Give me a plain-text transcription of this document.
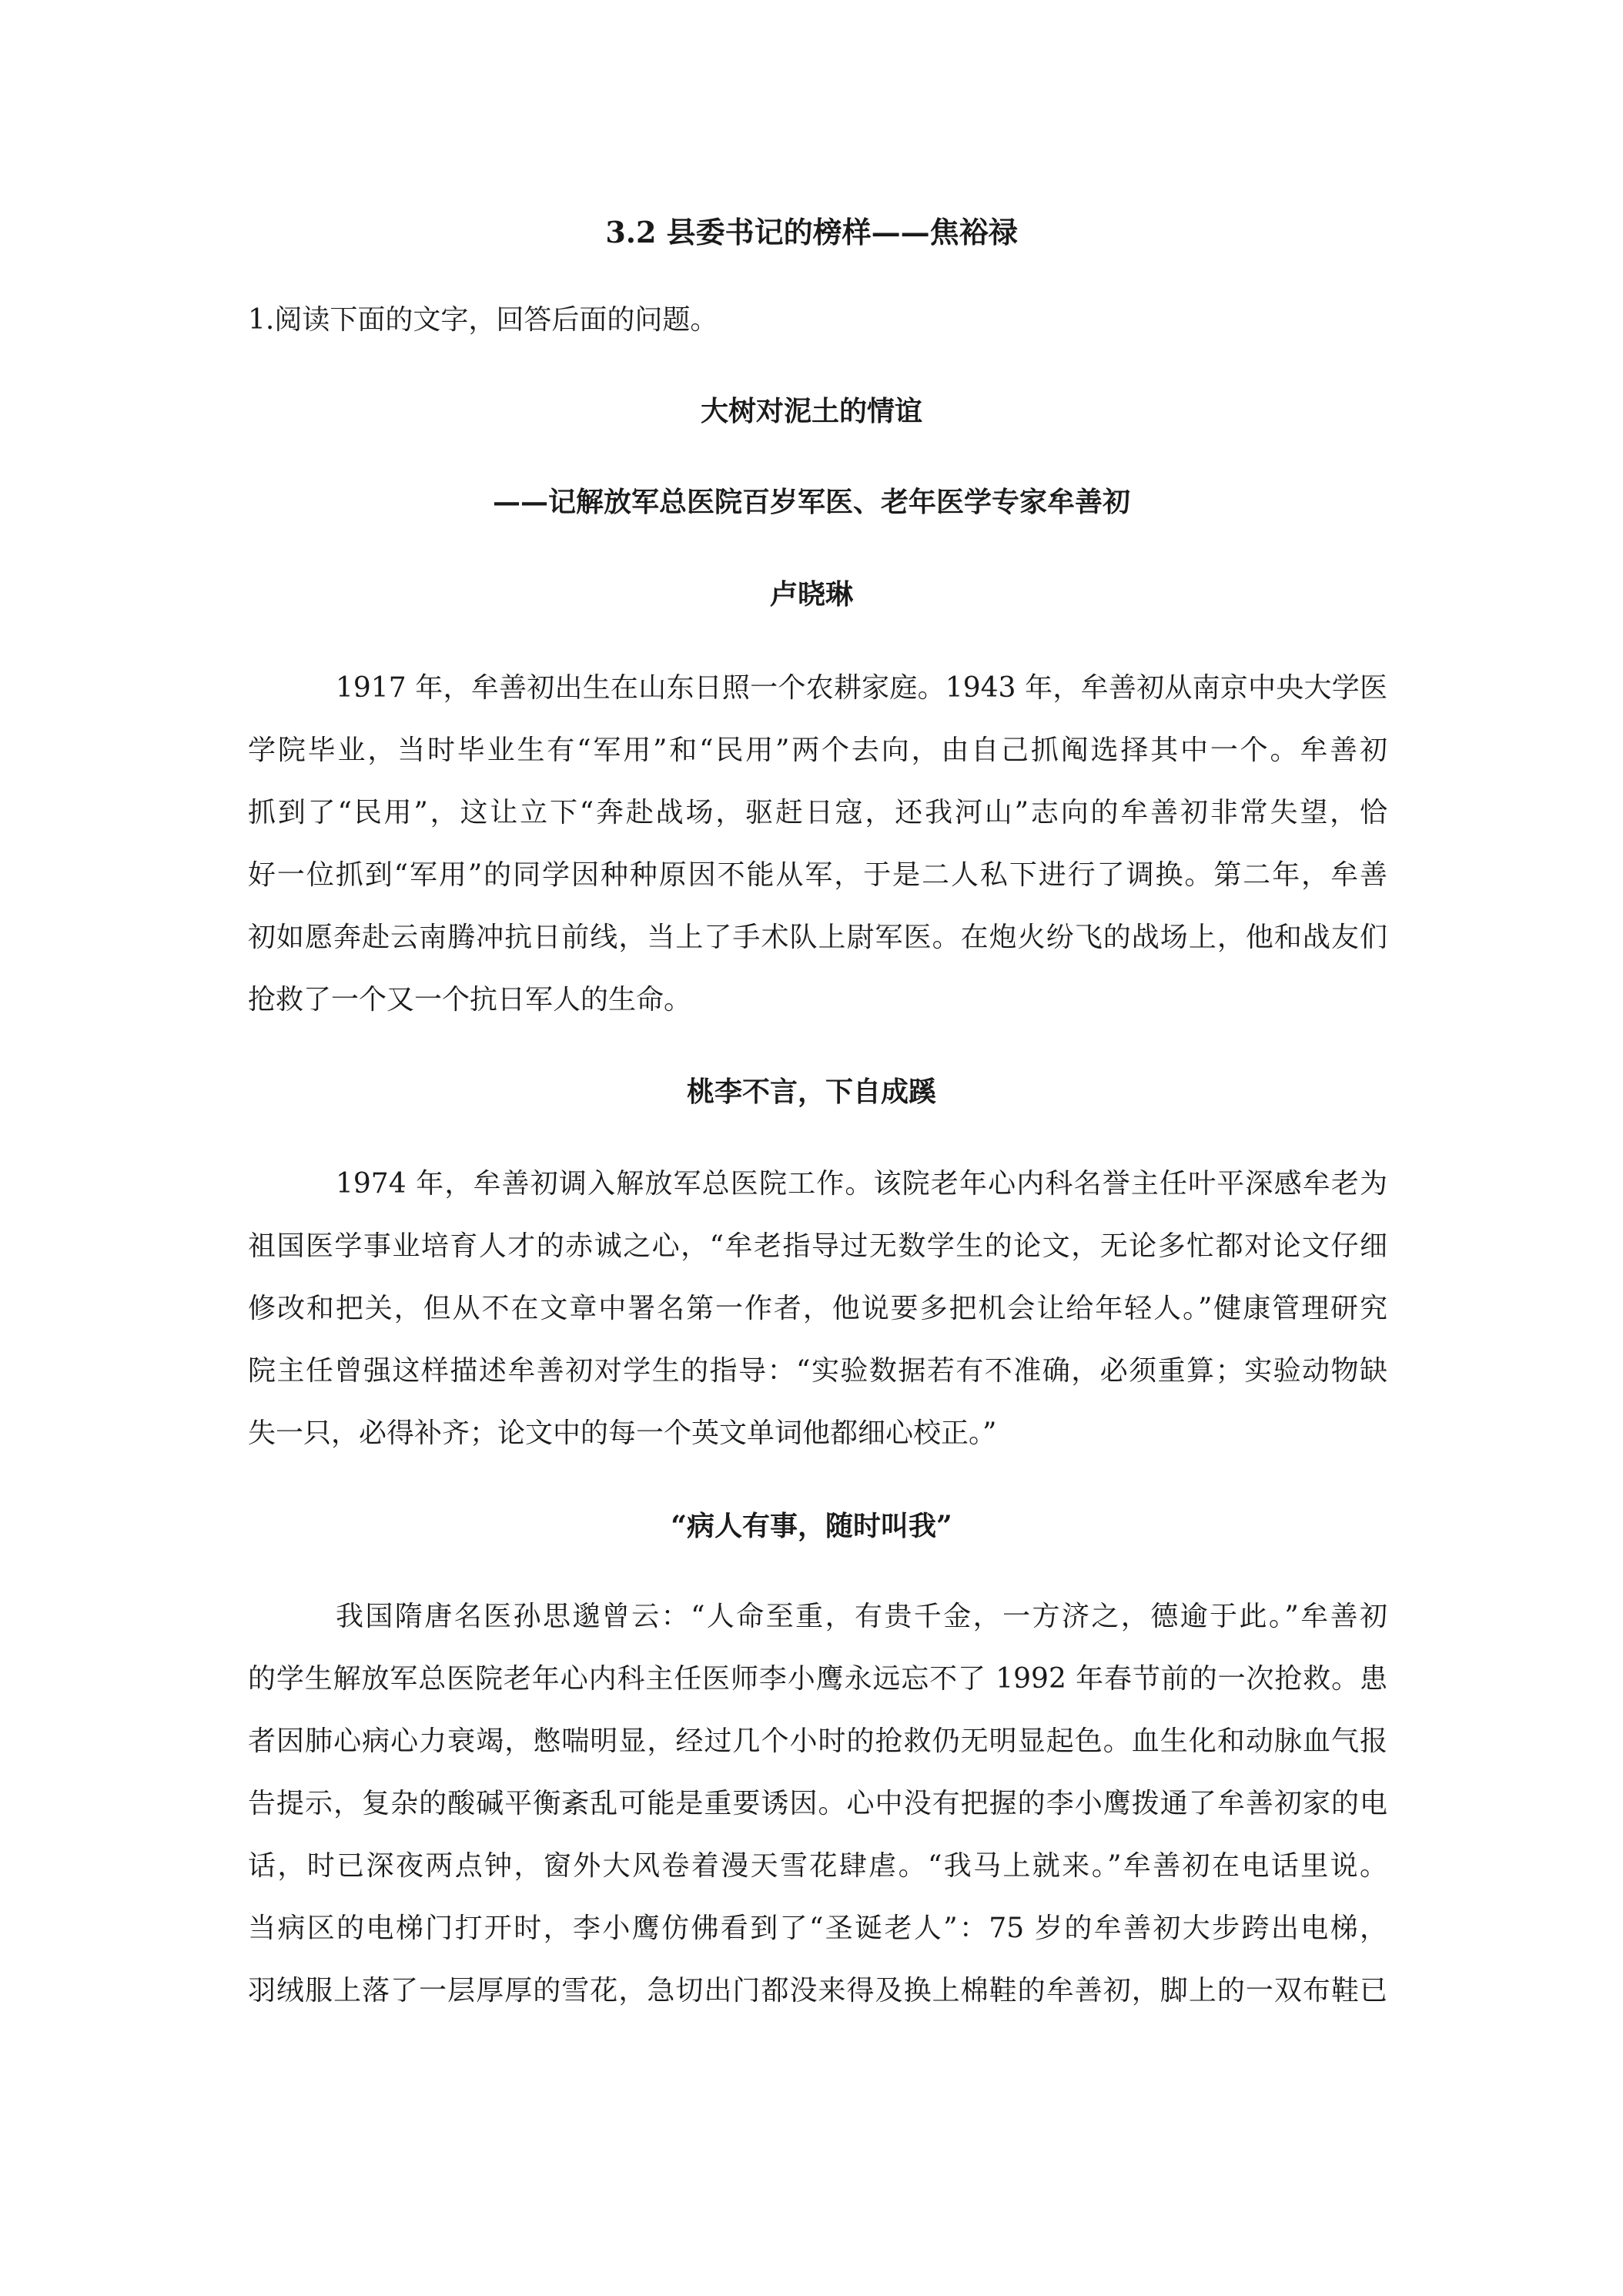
3.2 县委书记的榜样——焦裕禄
1.阅读下面的文字，回答后面的问题。
大树对泥土的情谊
——记解放军总医院百岁军医、老年医学专家牟善初
卢晓琳
1917 年，牟善初出生在山东日照一个农耕家庭。1943 年，牟善初从南京中央大学医
学院毕业，当时毕业生有“军用”和“民用”两个去向，由自己抓阄选择其中一个。牟善初
抓到了“民用”，这让立下“奔赴战场，驱赶日寇，还我河山”志向的牟善初非常失望，恰
好一位抓到“军用”的同学因种种原因不能从军，于是二人私下进行了调换。第二年，牟善
初如愿奔赴云南腾冲抗日前线，当上了手术队上尉军医。在炮火纷飞的战场上，他和战友们
抢救了一个又一个抗日军人的生命。
桃李不言，下自成蹊
1974 年，牟善初调入解放军总医院工作。该院老年心内科名誉主任叶平深感牟老为
祖国医学事业培育人才的赤诚之心，“牟老指导过无数学生的论文，无论多忙都对论文仔细
修改和把关，但从不在文章中署名第一作者，他说要多把机会让给年轻人。”健康管理研究
院主任曾强这样描述牟善初对学生的指导：“实验数据若有不准确，必须重算；实验动物缺
失一只，必得补齐；论文中的每一个英文单词他都细心校正。”
“病人有事，随时叫我”
我国隋唐名医孙思邈曾云：“人命至重，有贵千金，一方济之，德逾于此。”牟善初
的学生解放军总医院老年心内科主任医师李小鹰永远忘不了 1992 年春节前的一次抢救。患
者因肺心病心力衰竭，憋喘明显，经过几个小时的抢救仍无明显起色。血生化和动脉血气报
告提示，复杂的酸碱平衡紊乱可能是重要诱因。心中没有把握的李小鹰拨通了牟善初家的电
话，时已深夜两点钟，窗外大风卷着漫天雪花肆虐。“我马上就来。”牟善初在电话里说。
当病区的电梯门打开时，李小鹰仿佛看到了“圣诞老人”：75 岁的牟善初大步跨出电梯，
羽绒服上落了一层厚厚的雪花，急切出门都没来得及换上棉鞋的牟善初，脚上的一双布鞋已
